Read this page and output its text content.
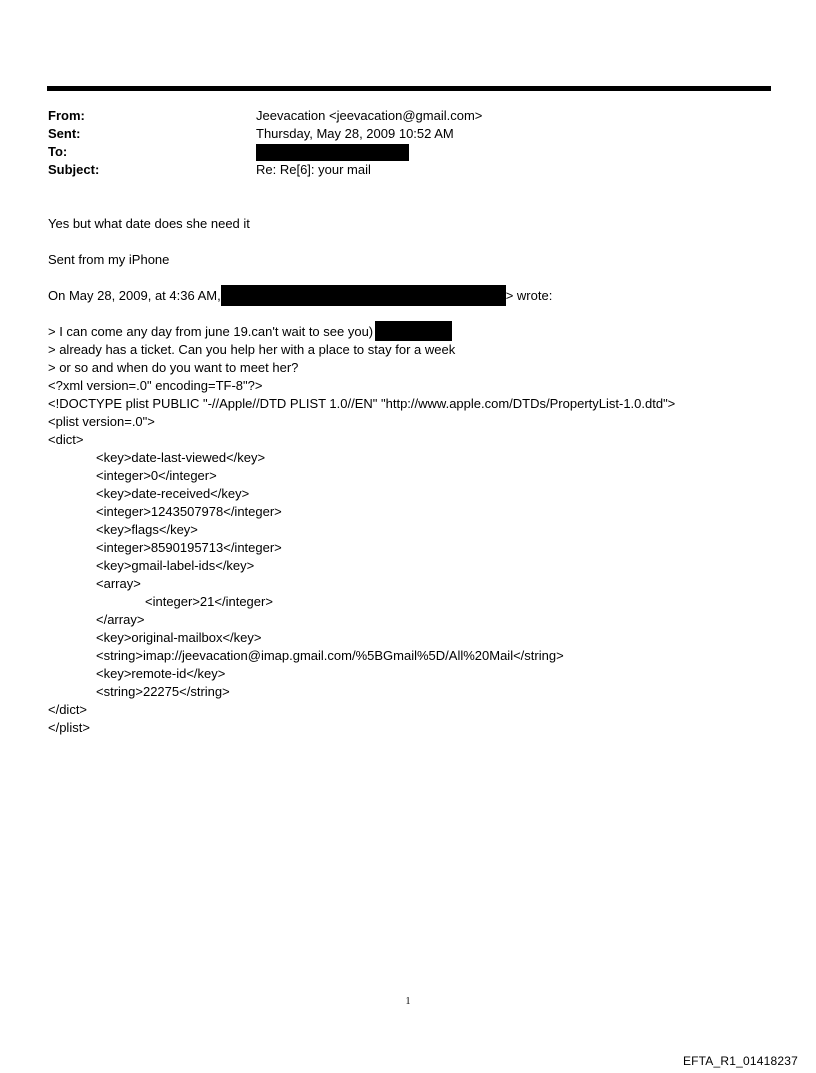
From:	Jeevacation <jeevacation@gmail.com>
Sent:	Thursday, May 28, 2009 10:52 AM
To:
Subject:	Re: Re[6]: your mail
Yes but what date does she need it
Sent from my iPhone
On May 28, 2009, at 4:36 AM,	> wrote:
> I can come any day from june 19.can't wait to see you)
> already has a ticket. Can you help her with a place to stay for a week
> or so and when do you want to meet her?
<?xml version=.0" encoding=TF-8"?>
<!DOCTYPE plist PUBLIC "-//Apple//DTD PLIST 1.0//EN" "http://www.apple.com/DTDs/PropertyList-1.0.dtd">
<plist version=.0">
<dict>
<key>date-last-viewed</key>
<integer>0</integer>
<key>date-received</key>
<integer>1243507978</integer>
<key>flags</key>
<integer>8590195713</integer>
<key>gmail-label-ids</key>
<array>
<integer>21</integer>
</array>
<key>original-mailbox</key>
<string>imap://jeevacation@imap.gmail.com/%5BGmail%5D/All%20Mail</string>
<key>remote-id</key>
<string>22275</string>
</dict>
</plist>
1
EFTA_R1_01418237
